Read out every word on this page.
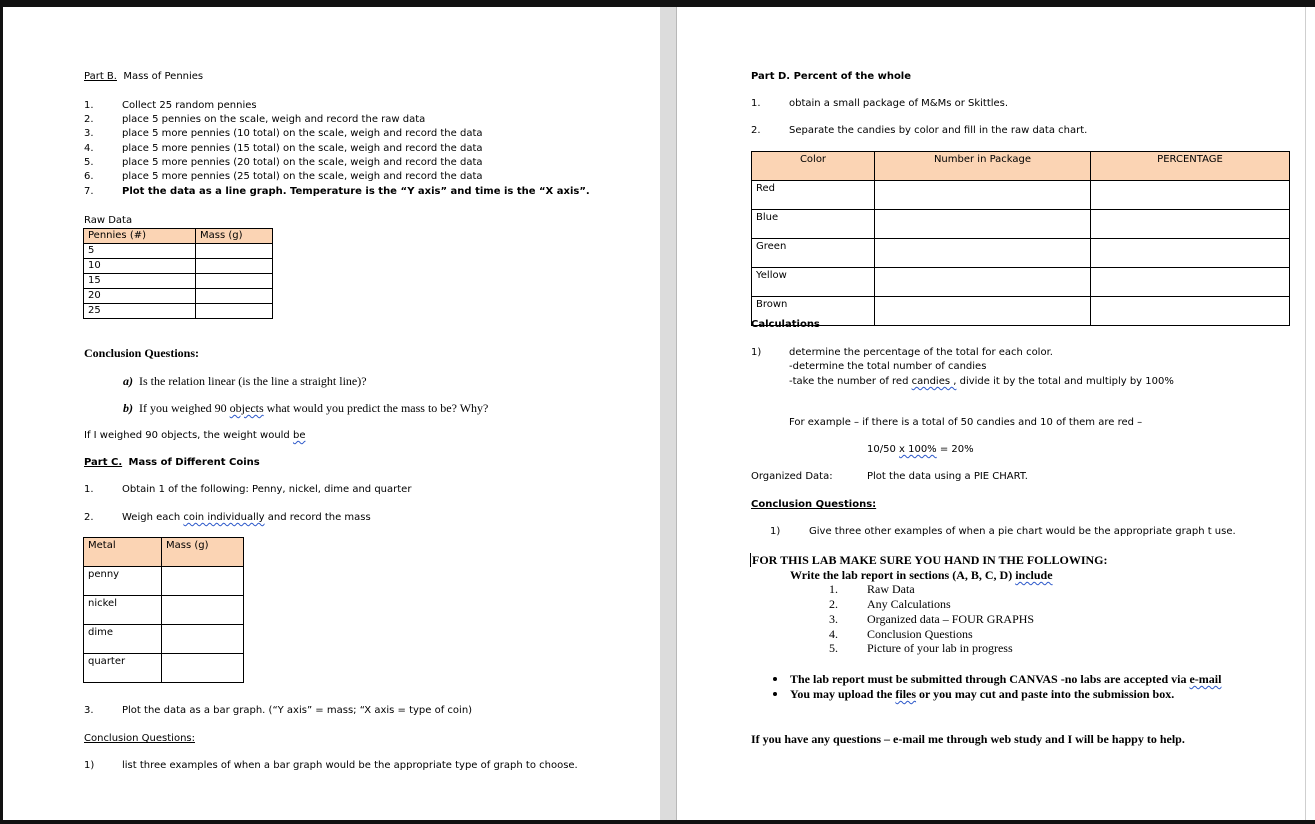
Part B. Mass of Pennies
1.	Collect 25 random pennies
2.	place 5 pennies on the scale, weigh and record the raw data
3.	place 5 more pennies (10 total) on the scale, weigh and record the data
4.	place 5 more pennies (15 total) on the scale, weigh and record the data
5.	place 5 more pennies (20 total) on the scale, weigh and record the data
6.	place 5 more pennies (25 total) on the scale, weigh and record the data
7.	Plot the data as a line graph. Temperature is the “Y axis” and time is the “X axis”.
Raw Data
Pennies (#)	Mass (g)
5	
10	
15	
20	
25	
Conclusion Questions:
a) Is the relation linear (is the line a straight line)?
b) If you weighed 90 objects what would you predict the mass to be? Why?
If I weighed 90 objects, the weight would be
Part C. Mass of Different Coins
1.	Obtain 1 of the following: Penny, nickel, dime and quarter
2.	Weigh each coin individually and record the mass
Metal	Mass (g)
penny	
nickel	
dime	
quarter	
3.	Plot the data as a bar graph. (“Y axis” = mass; “X axis = type of coin)
Conclusion Questions:
1)	list three examples of when a bar graph would be the appropriate type of graph to choose.
Part D. Percent of the whole
1.	obtain a small package of M&Ms or Skittles.
2.	Separate the candies by color and fill in the raw data chart.
Color	Number in Package	PERCENTAGE
Red		
Blue		
Green		
Yellow		
Brown		
Calculations
1)	determine the percentage of the total for each color.
-determine the total number of candies
-take the number of red candies , divide it by the total and multiply by 100%
For example – if there is a total of 50 candies and 10 of them are red –
10/50 x 100% = 20%
Organized Data:	Plot the data using a PIE CHART.
Conclusion Questions:
1)	Give three other examples of when a pie chart would be the appropriate graph t use.
FOR THIS LAB MAKE SURE YOU HAND IN THE FOLLOWING:
Write the lab report in sections (A, B, C, D) include
1. Raw Data
2. Any Calculations
3. Organized data – FOUR GRAPHS
4. Conclusion Questions
5. Picture of your lab in progress
The lab report must be submitted through CANVAS -no labs are accepted via e-mail
You may upload the files or you may cut and paste into the submission box.
If you have any questions – e-mail me through web study and I will be happy to help.
